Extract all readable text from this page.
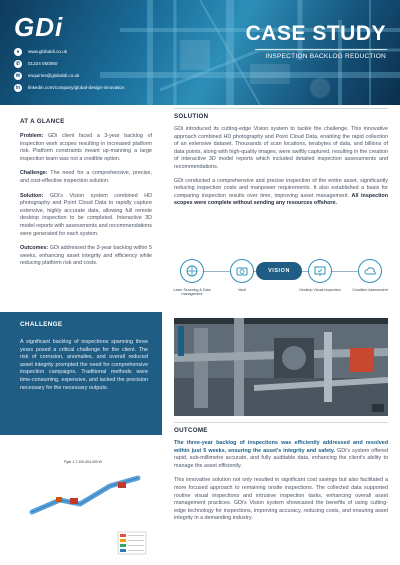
GDi
●	www.globaldi.co.uk
✆	01224 050060
✉	enquiries@globaldi.co.uk
in	linkedin.com/company/global-design-innovation
CASE STUDY
INSPECTION BACKLOG REDUCTION
AT A GLANCE

Problem: GDi client faced a 3-year backlog of inspection work scopes resulting in increased platform risk. Platform constraints meant up-manning a large inspection team was not a credible option.

Challenge: The need for a comprehensive, precise, and cost-effective inspection solution.

Solution: GDi's Vision system combined HD photography and Point Cloud Data to rapidly capture extensive, highly accurate data, allowing full remote desktop inspection to be completed. Interactive 3D model reports with assessments and recommendations were generated for each system.

Outcomes: GDi addressed the 3-year backlog within 5 weeks, enhancing asset integrity and efficiency while reducing platform risk and costs.

CHALLENGE

A significant backlog of inspections spanning three years posed a critical challenge for the client. The risk of corrosion, anomalies, and overall reduced asset integrity prompted the need for comprehensive inspection campaigns. Traditional methods were time-consuming, expensive, and lacked the precision necessary for the necessary outputs.

Flyer 1-7-100-004-000 W
SOLUTION

GDi introduced its cutting-edge Vision system to tackle the challenge. This innovative approach combined HD photography and Point Cloud Data, enabling the rapid collection of an extensive dataset. Thousands of scan locations, terabytes of data, and billions of data points, along with high-quality images, were swiftly captured, resulting in the creation of interactive 3D model reports which included detailed inspection assessments and recommendations.

GDi conducted a comprehensive and precise inspection of the entire asset, significantly reducing inspection costs and manpower requirements. It also established a basis for comparing inspection results over time, improving asset management. All inspection scopes were complete without sending any resources offshore.

VISION
Laser Scanning & Data management
Vault	Desktop Visual Inspection	Condition Assessment
OUTCOME

The three-year backlog of inspections was efficiently addressed and resolved within just 5 weeks, ensuring the asset's integrity and safety. GDi's system offered rapid, sub-millimetre accurate, and fully auditable data, enhancing the client's ability to manage the asset efficiently.

This innovative solution not only resulted in significant cost savings but also facilitated a more focused approach to remaining onsite inspections. The collected data supported routine visual inspections and intrusive inspection tasks, enhancing overall asset management practices. GDi's Vision system showcased the benefits of using cutting-edge technology for inspections, improving accuracy, reducing costs, and ensuring asset integrity in a demanding industry.
